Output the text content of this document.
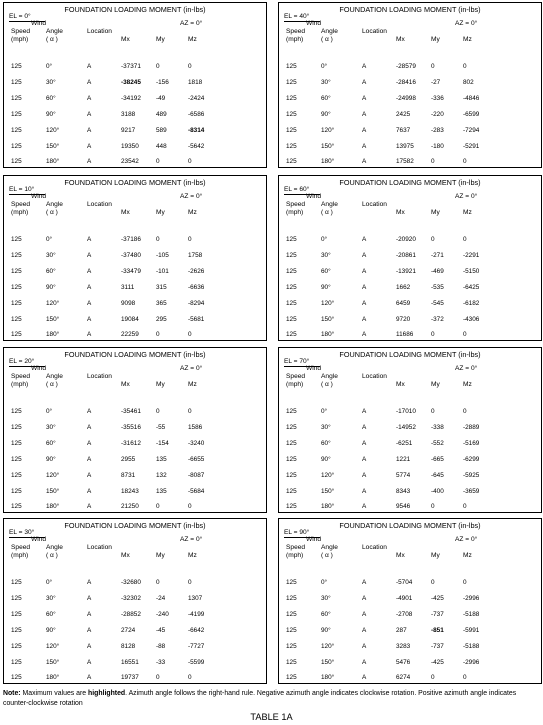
FOUNDATION LOADING MOMENT (in-lbs)
EL = 0°
Wind	AZ = 0°
Speed Angle	Location
(mph)	( α )	Mx	My	Mz
125	0°	A	-37371 0	0
125	30°	A	-38245 -156	1818
125	60°	A	-34192 -49	-2424
125	90°	A	3188	489	-6586
125	120°	A	9217	589	-8314
125	150°	A	19350	448	-5642
125	180°	A	23542	0	0
FOUNDATION LOADING MOMENT (in-lbs)
EL = 40°
Wind	AZ = 0°
Speed Angle	Location
(mph)	( α )	Mx	My	Mz
125	0°	A	-28579 0	0
125	30°	A	-28416 -27	802
125	60°	A	-24998 -336	-4846
125	90°	A	2425	-220	-6599
125	120°	A	7637	-283	-7294
125	150°	A	13975	-180	-5291
125	180°	A	17582	0	0
FOUNDATION LOADING MOMENT (in-lbs)
EL = 10°
Wind	AZ = 0°
Speed Angle	Location
(mph)	( α )	Mx	My	Mz
125	0°	A	-37186 0	0
125	30°	A	-37480 -105	1758
125	60°	A	-33479 -101	-2626
125	90°	A	3111	315	-6636
125	120°	A	9098	365	-8294
125	150°	A	19084	295	-5681
125	180°	A	22259	0	0
FOUNDATION LOADING MOMENT (in-lbs)
EL = 60°
Wind	AZ = 0°
Speed Angle	Location
(mph)	( α )	Mx	My	Mz
125	0°	A	-20920 0	0
125	30°	A	-20861 -271	-2291
125	60°	A	-13921 -469	-5150
125	90°	A	1662	-535	-6425
125	120°	A	6459	-545	-6182
125	150°	A	9720	-372	-4306
125	180°	A	11686	0	0
FOUNDATION LOADING MOMENT (in-lbs)
EL = 20°
Wind	AZ = 0°
Speed Angle	Location
(mph)	( α )	Mx	My	Mz
125	0°	A	-35461 0	0
125	30°	A	-35516 -55	1586
125	60°	A	-31612 -154	-3240
125	90°	A	2955	135	-6655
125	120°	A	8731	132	-8087
125	150°	A	18243	135	-5684
125	180°	A	21250	0	0
FOUNDATION LOADING MOMENT (in-lbs)
EL = 70°
Wind	AZ = 0°
Speed Angle	Location
(mph)	( α )	Mx	My	Mz
125	0°	A	-17010 0	0
125	30°	A	-14952 -338	-2889
125	60°	A	-6251	-552	-5169
125	90°	A	1221	-665	-6299
125	120°	A	5774	-645	-5925
125	150°	A	8343	-400	-3659
125	180°	A	9546	0	0
FOUNDATION LOADING MOMENT (in-lbs)
EL = 30°
Wind	AZ = 0°
Speed Angle	Location
(mph)	( α )	Mx	My	Mz
125	0°	A	-32680 0	0
125	30°	A	-32302 -24	1307
125	60°	A	-28852 -240	-4199
125	90°	A	2724	-45	-6642
125	120°	A	8128	-88	-7727
125	150°	A	16551	-33	-5599
125	180°	A	19737	0	0
FOUNDATION LOADING MOMENT (in-lbs)
EL = 90°
Wind	AZ = 0°
Speed Angle	Location
(mph)	( α )	Mx	My	Mz
125	0°	A	-5704	0	0
125	30°	A	-4901	-425	-2996
125	60°	A	-2708	-737	-5188
125	90°	A	287	-851	-5991
125	120°	A	3283	-737	-5188
125	150°	A	5476	-425	-2996
125	180°	A	6274	0	0
Note: Maximum values are highlighted. Azimuth angle follows the right-hand rule. Negative azimuth angle indicates clockwise rotation. Positive azimuth angle indicates counter-clockwise rotation
TABLE 1A
